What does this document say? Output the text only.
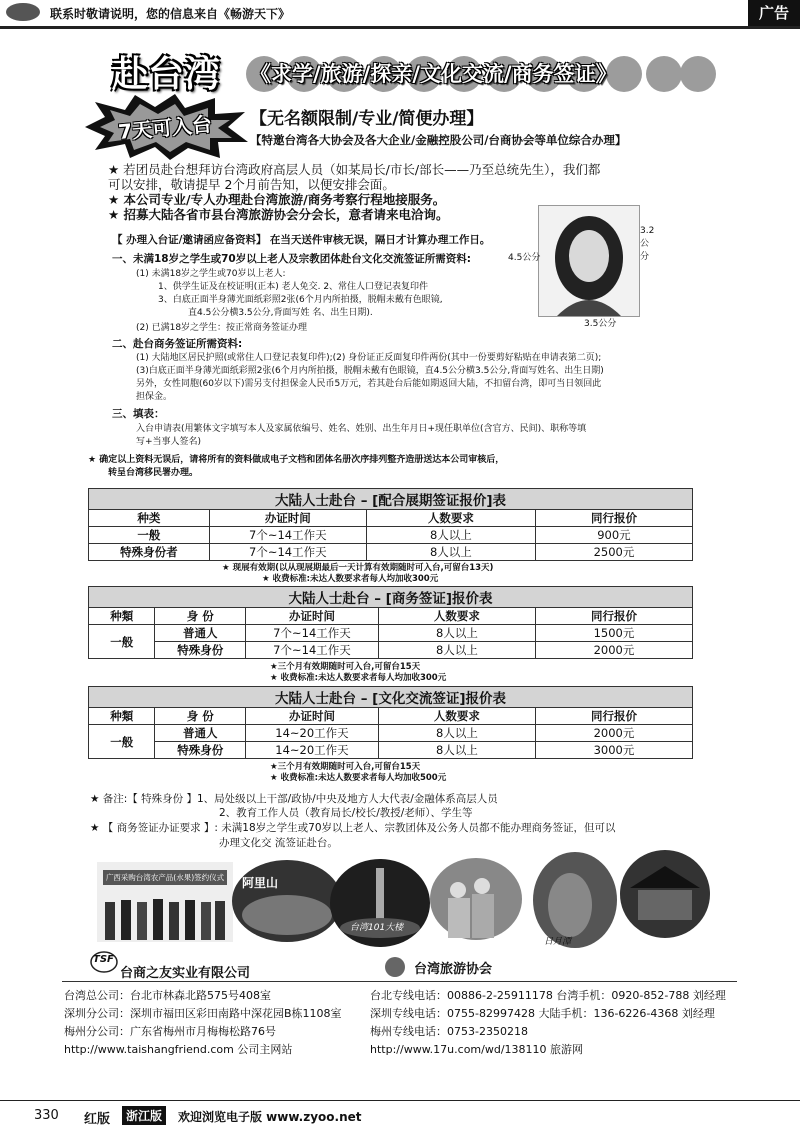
联系时敬请说明，您的信息来自《畅游天下》	广告
赴台湾 《求学/旅游/探亲/文化交流/商务签证》
7天可入台 【无名额限制/专业/简便办理】
【特邀台湾各大协会及各大企业/金融控股公司/台商协会等单位综合办理】
★ 若团员赴台想拜访台湾政府高层人员（如某局长/市长/部长——乃至总统先生），我们都
可以安排，敬请提早 2个月前告知，以便安排会面。
★ 本公司专业/专人办理赴台湾旅游/商务考察行程地接服务。
★ 招募大陆各省市县台湾旅游协会分会长，意者请来电洽询。
【 办理入台证/邀请函应备资料】 在当天送件审核无误，隔日才计算办理工作日。
3.5公分
4.5公分
3.2公分
一、未满18岁之学生或70岁以上老人及宗教团体赴台文化交流签证所需资料:
(1) 未满18岁之学生或70岁以上老人:
1、供学生证及在校证明(正本) 老人免交. 2、常住人口登记表复印件
3、白底正面半身薄光面纸彩照2张(6个月内所拍摄，脱帽未戴有色眼镜,
直4.5公分横3.5公分,背面写姓 名、出生日期).
(2) 已满18岁之学生：按正常商务签证办理
二、赴台商务签证所需资料:
(1) 大陆地区居民护照(或常住人口登记表复印件);(2) 身份证正反面复印件两份(其中一份要剪好粘贴在申请表第二页);
(3)白底正面半身薄光面纸彩照2张(6个月内所拍摄，脱帽未戴有色眼镜，直4.5公分横3.5公分,背面写姓名、出生日期)
另外，女性同胞(60岁以下)需另支付担保金人民币5万元，若其赴台后能如期返回大陆，不扣留台湾，即可当日领回此
担保金。
三、填表：
入台申请表(用繁体文字填写本人及家属依编号、姓名、姓别、出生年月日+现任职单位(含官方、民间)、职称等填
写+当事人签名)
★ 确定以上资料无误后，请将所有的资料做成电子文档和团体名册次序排列整齐造册送达本公司审核后，
转呈台湾移民署办理。
大陆人士赴台 – [配合展期签证报价]表			
种类	办证时间	人数要求	同行报价
一般	7个~14工作天	8人以上	900元
特殊身份者	7个~14工作天	8人以上	2500元
★ 现展有效期(以从现展期最后一天计算有效期随时可入台,可留台13天)
★ 收费标准:未达人数要求者每人均加收300元
大陆人士赴台 – [商务签证]报价表				
种類	身 份	办证时间	人数要求	同行报价
一般	普通人	7个~14工作天	8人以上	1500元
	特殊身份	7个~14工作天	8人以上	2000元
★三个月有效期随时可入台,可留台15天
★ 收费标准:未达人数要求者每人均加收300元
大陆人士赴台 – [文化交流签证]报价表				
种類	身 份	办证时间	人数要求	同行报价
一般	普通人	14~20工作天	8人以上	2000元
	特殊身份	14~20工作天	8人以上	3000元
★三个月有效期随时可入台,可留台15天
★ 收费标准:未达人数要求者每人均加收500元
★ 备注:【 特殊身份 】1、局处级以上干部/政协/中央及地方人大代表/金融体系高层人员
2、教育工作人员（教育局长/校长/教授/老师）、学生等
★ 【 商务签证办证要求 】: 未满18岁之学生或70岁以上老人、宗教团体及公务人员都不能办理商务签证，但可以
办理文化交 流签证赴台。
广西采购台湾农产品(水果)签约仪式 阿里山
台湾101大楼
日月潭
TSF
台商之友实业有限公司	台湾旅游协会
台湾总公司：台北市林森北路575号408室
深圳分公司：深圳市福田区彩田南路中深花园B栋1108室
梅州分公司：广东省梅州市月梅梅松路76号
http://www.taishangfriend.com 公司主网站
台北专线电话：00886-2-25911178 台湾手机：0920-852-788 刘经理
深圳专线电话：0755-82997428 大陆手机：136-6226-4368 刘经理
梅州专线电话：0753-2350218
http://www.17u.com/wd/138110 旅游网
330 红版	浙江版	欢迎浏览电子版 www.zyoo.net
